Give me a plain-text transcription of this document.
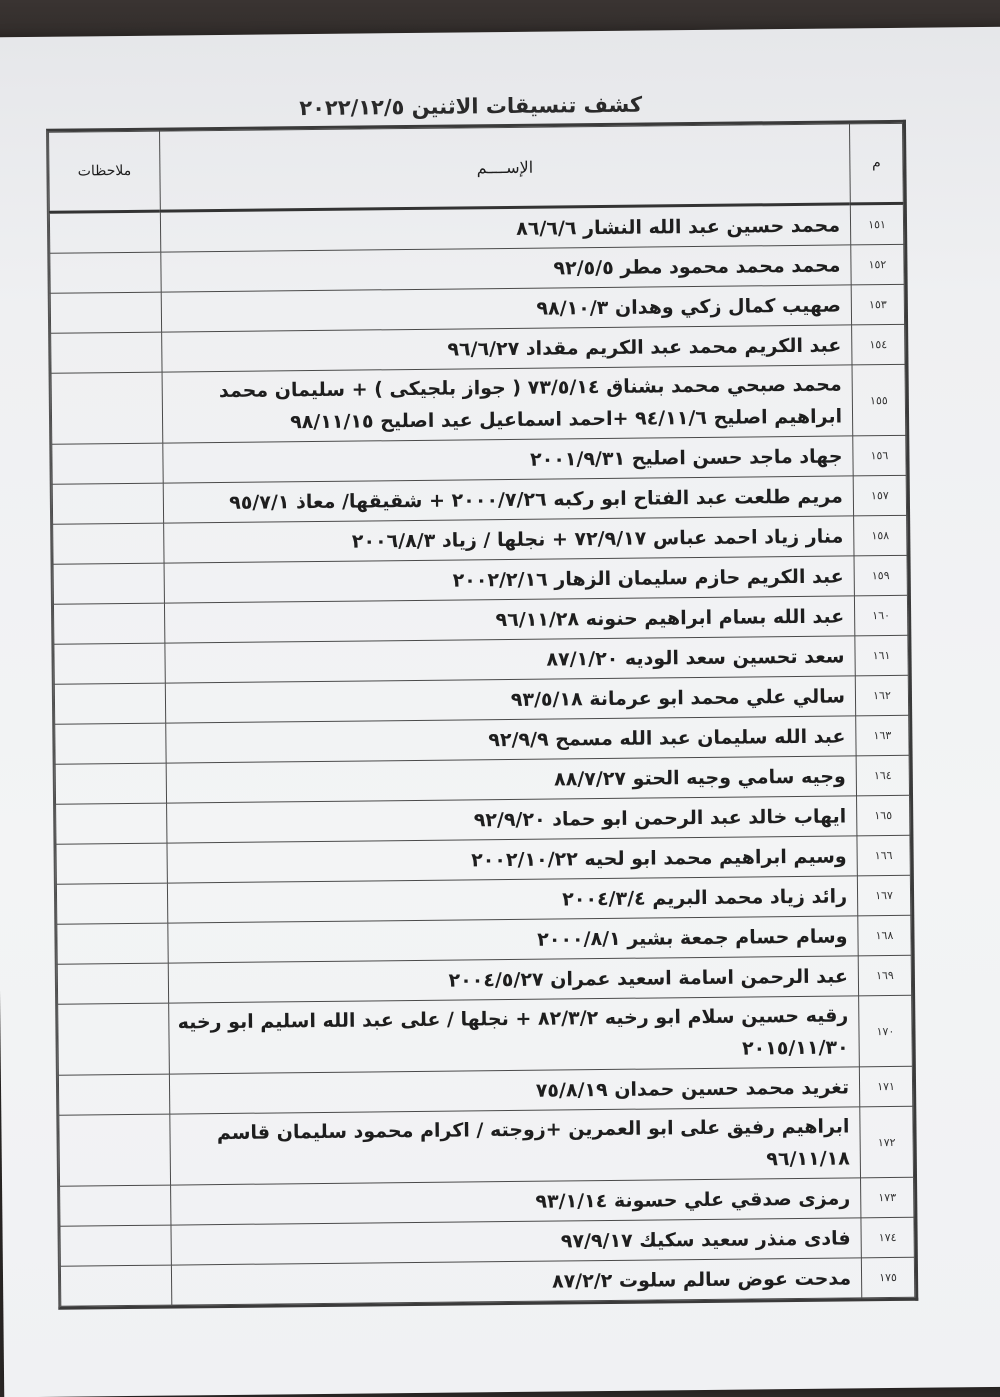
كشف تنسيقات الاثنين ٢٠٢٢/١٢/٥
م	الإســــم	ملاحظات
١٥١	محمد حسين عبد الله النشار ٨٦/٦/٦	
١٥٢	محمد محمد محمود مطر ٩٢/٥/٥	
١٥٣	صهيب كمال زكي وهدان ٩٨/١٠/٣	
١٥٤	عبد الكريم محمد عبد الكريم مقداد ٩٦/٦/٢٧	
١٥٥	محمد صبحي محمد بشناق ٧٣/٥/١٤ ( جواز بلجيكى ) + سليمان محمد ابراهيم اصليح ٩٤/١١/٦ +احمد اسماعيل عيد اصليح ٩٨/١١/١٥	
١٥٦	جهاد ماجد حسن اصليح ٢٠٠١/٩/٣١	
١٥٧	مريم طلعت عبد الفتاح ابو ركبه ٢٠٠٠/٧/٢٦ + شقيقها/ معاذ ٩٥/٧/١	
١٥٨	منار زياد احمد عباس ٧٢/٩/١٧ + نجلها / زياد ٢٠٠٦/٨/٣	
١٥٩	عبد الكريم حازم سليمان الزهار ٢٠٠٢/٢/١٦	
١٦٠	عبد الله بسام ابراهيم حنونه ٩٦/١١/٢٨	
١٦١	سعد تحسين سعد الوديه ٨٧/١/٢٠	
١٦٢	سالي علي محمد ابو عرمانة ٩٣/٥/١٨	
١٦٣	عبد الله سليمان عبد الله مسمح ٩٢/٩/٩	
١٦٤	وجيه سامي وجيه الحتو ٨٨/٧/٢٧	
١٦٥	ايهاب خالد عبد الرحمن ابو حماد ٩٢/٩/٢٠	
١٦٦	وسيم ابراهيم محمد ابو لحيه ٢٠٠٢/١٠/٢٢	
١٦٧	رائد زياد محمد البريم ٢٠٠٤/٣/٤	
١٦٨	وسام حسام جمعة بشير ٢٠٠٠/٨/١	
١٦٩	عبد الرحمن اسامة اسعيد عمران ٢٠٠٤/٥/٢٧	
١٧٠	رقيه حسين سلام ابو رخيه ٨٢/٣/٢ + نجلها / على عبد الله اسليم ابو رخيه ٢٠١٥/١١/٣٠	
١٧١	تغريد محمد حسين حمدان ٧٥/٨/١٩	
١٧٢	ابراهيم رفيق على ابو العمرين +زوجته / اكرام محمود سليمان قاسم ٩٦/١١/١٨	
١٧٣	رمزى صدقي علي حسونة ٩٣/١/١٤	
١٧٤	فادى منذر سعيد سكيك ٩٧/٩/١٧	
١٧٥	مدحت عوض سالم سلوت ٨٧/٢/٢	
